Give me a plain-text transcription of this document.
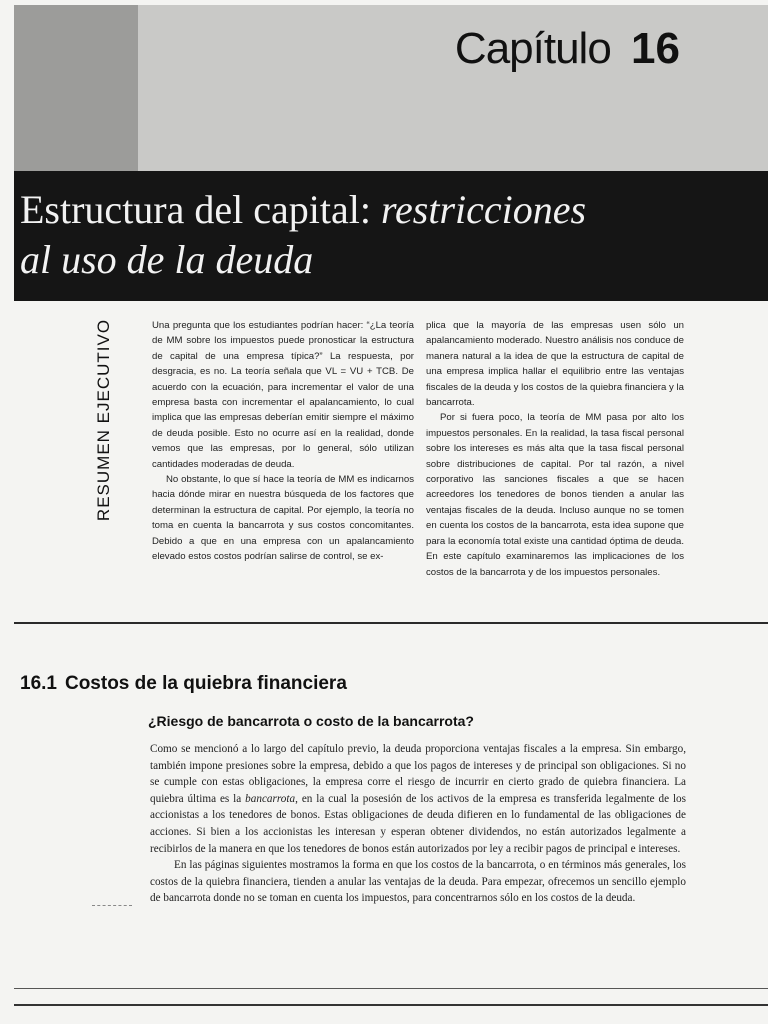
Capítulo 16
Estructura del capital: restricciones
al uso de la deuda
RESUMEN EJECUTIVO	Una pregunta que los estudiantes podrían hacer: “¿La teoría de MM sobre los impuestos puede pronosticar la estructura de capital de una empresa típica?” La respuesta, por desgracia, es no. La teoría señala que VL = VU + TCB. De acuerdo con la ecuación, para incrementar el valor de una empresa basta con incrementar el apalancamiento, lo cual implica que las empresas deberían emitir siempre el máximo de deuda posible. Esto no ocurre así en la realidad, donde vemos que las empresas, por lo general, sólo utilizan cantidades moderadas de deuda.

No obstante, lo que sí hace la teoría de MM es indicarnos hacia dónde mirar en nuestra búsqueda de los factores que determinan la estructura de capital. Por ejemplo, la teoría no toma en cuenta la bancarrota y sus costos concomitantes. Debido a que en una empresa con un apalancamiento elevado estos costos podrían salirse de control, se ex-

plica que la mayoría de las empresas usen sólo un apalancamiento moderado. Nuestro análisis nos conduce de manera natural a la idea de que la estructura de capital de una empresa implica hallar el equilibrio entre las ventajas fiscales de la deuda y los costos de la quiebra financiera y la bancarrota.

Por si fuera poco, la teoría de MM pasa por alto los impuestos personales. En la realidad, la tasa fiscal personal sobre los intereses es más alta que la tasa fiscal personal sobre distribuciones de capital. Por tal razón, a nivel corporativo las sanciones fiscales a que se hacen acreedores los tenedores de bonos tienden a anular las ventajas fiscales de la deuda. Incluso aunque no se tomen en cuenta los costos de la bancarrota, esta idea supone que para la economía total existe una cantidad óptima de deuda. En este capítulo examinaremos las implicaciones de los costos de la bancarrota y de los impuestos personales.

16.1 Costos de la quiebra financiera
¿Riesgo de bancarrota o costo de la bancarrota?

Como se mencionó a lo largo del capítulo previo, la deuda proporciona ventajas fiscales a la empresa. Sin embargo, también impone presiones sobre la empresa, debido a que los pagos de intereses y de principal son obligaciones. Si no se cumple con estas obligaciones, la empresa corre el riesgo de incurrir en cierto grado de quiebra financiera. La quiebra última es la bancarrota, en la cual la posesión de los activos de la empresa es transferida legalmente de los accionistas a los tenedores de bonos. Estas obligaciones de deuda difieren en lo fundamental de las obligaciones de acciones. Si bien a los accionistas les interesan y esperan obtener dividendos, no están autorizados legalmente a recibirlos de la manera en que los tenedores de bonos están autorizados por ley a recibir pagos de principal e intereses.

En las páginas siguientes mostramos la forma en que los costos de la bancarrota, o en términos más generales, los costos de la quiebra financiera, tienden a anular las ventajas de la deuda. Para empezar, ofrecemos un sencillo ejemplo de bancarrota donde no se toman en cuenta los impuestos, para concentrarnos sólo en los costos de la deuda.
